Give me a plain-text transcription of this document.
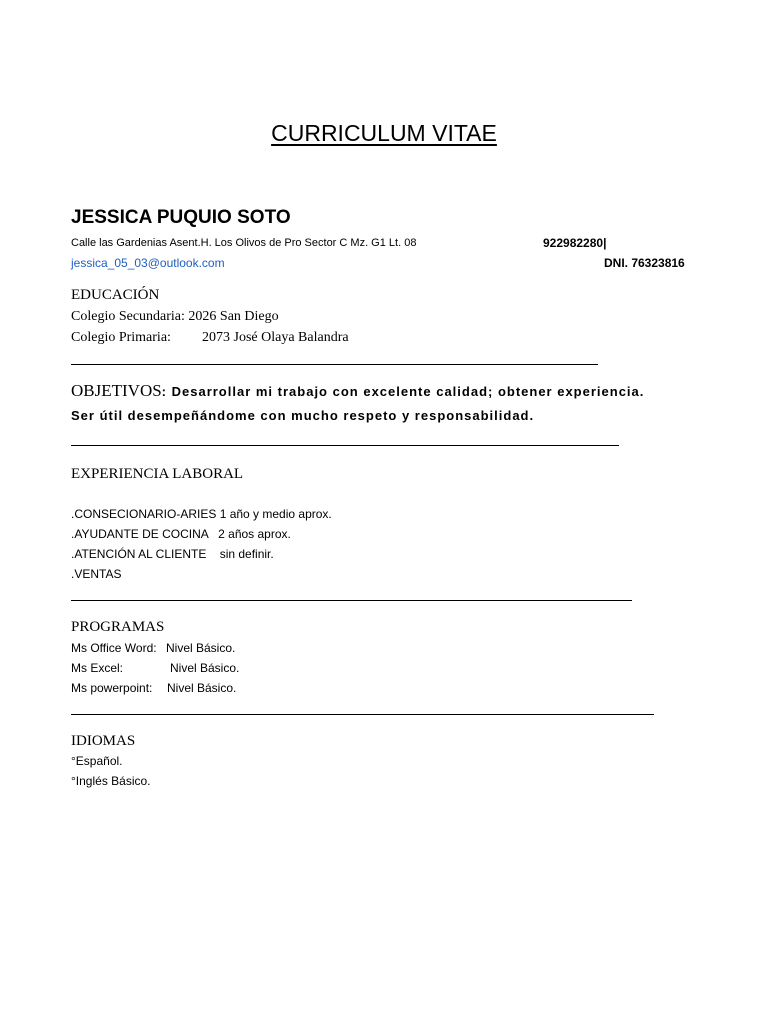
CURRICULUM VITAE
JESSICA PUQUIO SOTO
Calle las Gardenias Asent.H. Los Olivos de Pro Sector C Mz. G1 Lt. 08	922982280|
jessica_05_03@outlook.com	DNI. 76323816
EDUCACIÓN
Colegio Secundaria: 2026 San Diego
Colegio Primaria: 2073 José Olaya Balandra
OBJETIVOS: Desarrollar mi trabajo con excelente calidad; obtener experiencia.
Ser útil desempeñándome con mucho respeto y responsabilidad.
EXPERIENCIA LABORAL
.CONSECIONARIO-ARIES 1 año y medio aprox.
.AYUDANTE DE COCINA   2 años aprox.
.ATENCIÓN AL CLIENTE    sin definir.
.VENTAS
PROGRAMAS
Ms Office Word: Nivel Básico.
Ms Excel:	Nivel Básico.
Ms powerpoint: Nivel Básico.
IDIOMAS
°Español.
°Inglés Básico.
